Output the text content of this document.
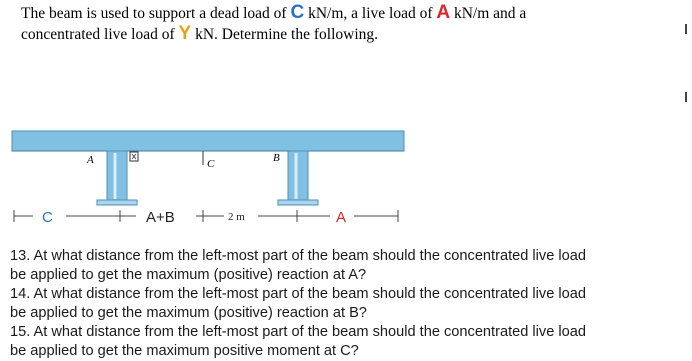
The beam is used to support a dead load of C kN/m, a live load of A kN/m and a
concentrated live load of Y kN. Determine the following.
A	C	B
C	A+B	2 m	A

13. At what distance from the left-most part of the beam should the concentrated live load

be applied to get the maximum (positive) reaction at A?

14. At what distance from the left-most part of the beam should the concentrated live load

be applied to get the maximum (positive) reaction at B?

15. At what distance from the left-most part of the beam should the concentrated live load

be applied to get the maximum positive moment at C?
